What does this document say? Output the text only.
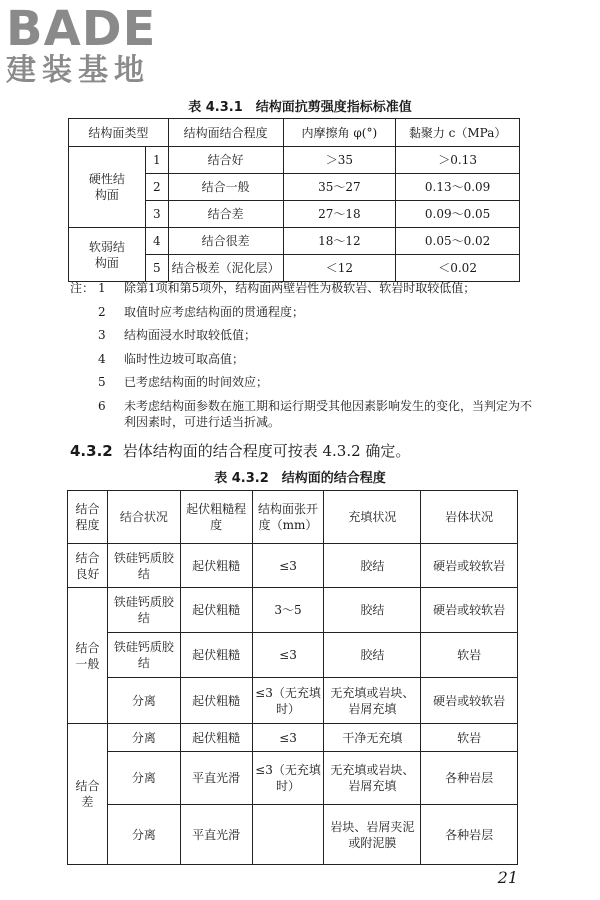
BADE
建装基地
表 4.3.1　结构面抗剪强度指标标准值
结构面类型		结构面结合程度	内摩擦角 φ(°)	黏聚力 c（MPa）
硬性结构面	1	结合好	＞35	＞0.13
	2	结合一般	35～27	0.13～0.09
	3	结合差	27～18	0.09～0.05
软弱结构面	4	结合很差	18～12	0.05～0.02
	5	结合极差（泥化层）	＜12	＜0.02
注： 1	除第1项和第5项外，结构面两壁岩性为极软岩、软岩时取较低值；
2	取值时应考虑结构面的贯通程度；
3	结构面浸水时取较低值；
4	临时性边坡可取高值；
5	已考虑结构面的时间效应；
6	未考虑结构面参数在施工期和运行期受其他因素影响发生的变化，当判定为不利因素时，可进行适当折减。
4.3.2 岩体结构面的结合程度可按表 4.3.2 确定。
表 4.3.2　结构面的结合程度
结合程度	结合状况	起伏粗糙程度	结构面张开度（mm）	充填状况	岩体状况
结合良好	铁硅钙质胶结	起伏粗糙	≤3	胶结	硬岩或较软岩
结合一般	铁硅钙质胶结	起伏粗糙	3～5	胶结	硬岩或较软岩
	铁硅钙质胶结	起伏粗糙	≤3	胶结	软岩
	分离	起伏粗糙	≤3（无充填时）	无充填或岩块、岩屑充填	硬岩或较软岩
结合差	分离	起伏粗糙	≤3	干净无充填	软岩
	分离	平直光滑	≤3（无充填时）	无充填或岩块、岩屑充填	各种岩层
	分离	平直光滑		岩块、岩屑夹泥或附泥膜	各种岩层
21
